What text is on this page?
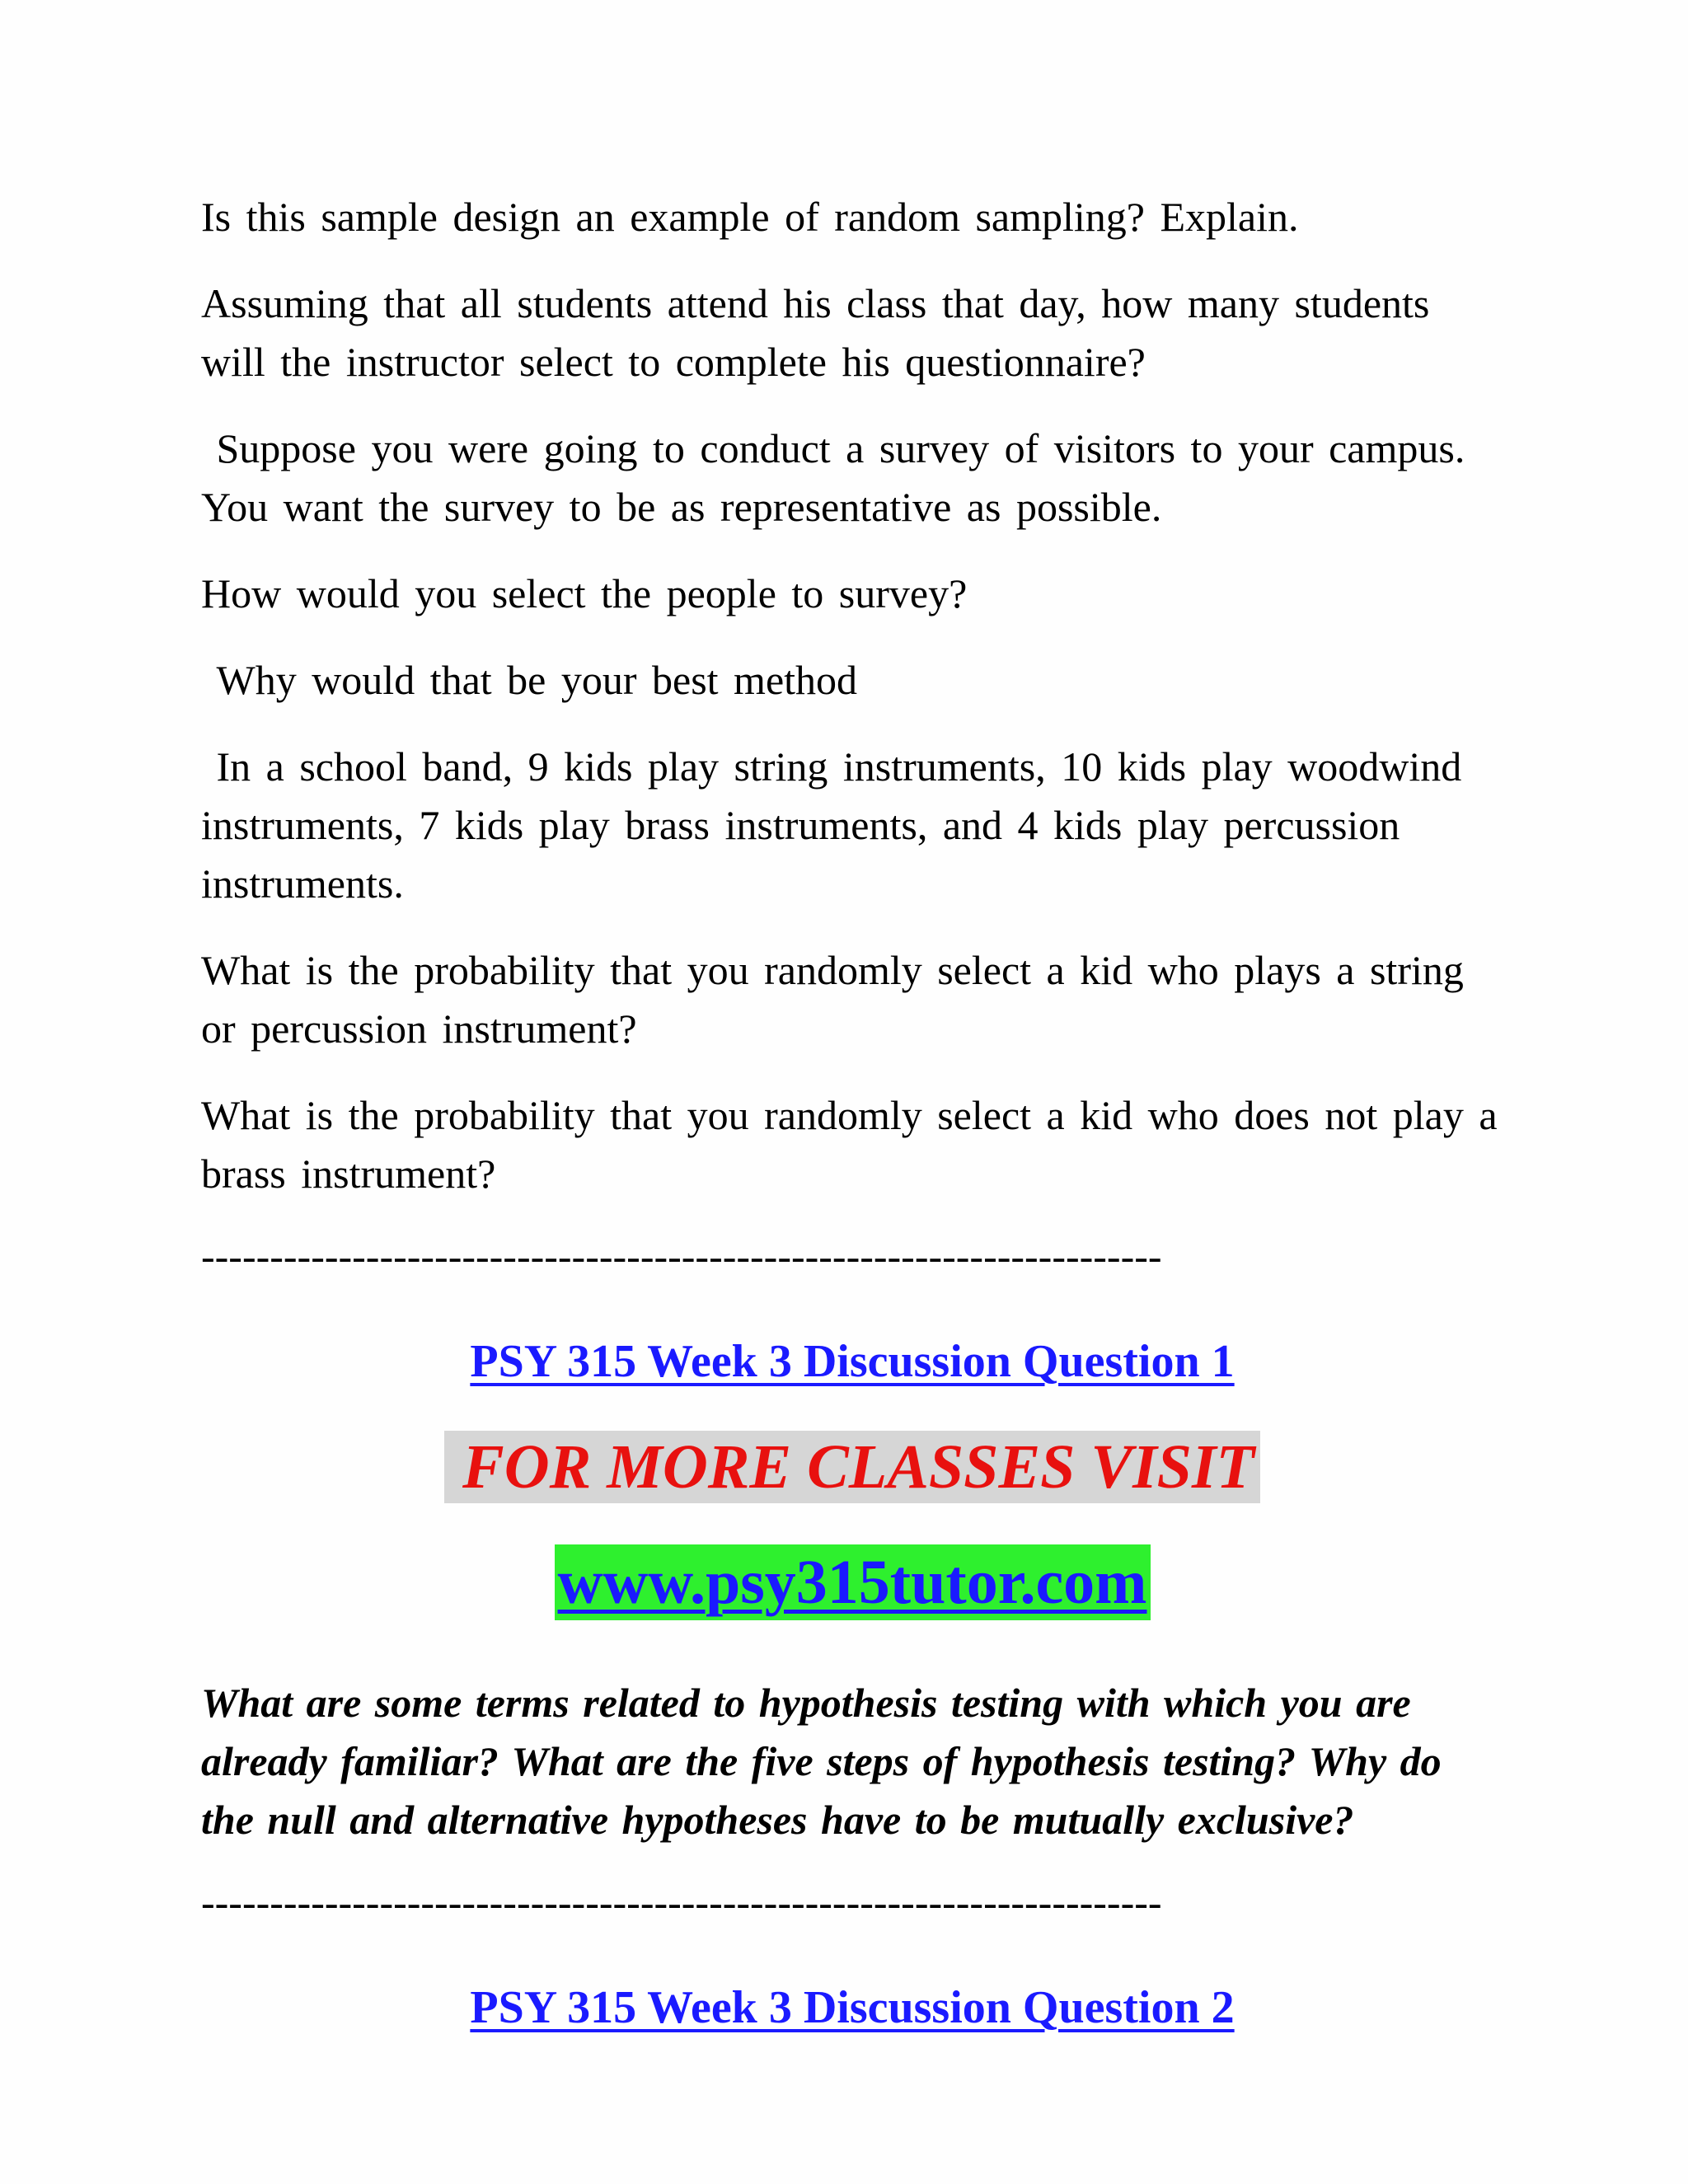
Is this sample design an example of random sampling? Explain.

Assuming that all students attend his class that day, how many students will the instructor select to complete his questionnaire?

Suppose you were going to conduct a survey of visitors to your campus. You want the survey to be as representative as possible.

How would you select the people to survey?

Why would that be your best method

In a school band, 9 kids play string instruments, 10 kids play woodwind instruments, 7 kids play brass instruments, and 4 kids play percussion instruments.

What is the probability that you randomly select a kid who plays a string or percussion instrument?

What is the probability that you randomly select a kid who does not play a brass instrument?

----------------------------------------------------------------------
PSY 315 Week 3 Discussion Question 1
FOR MORE CLASSES VISIT
www.psy315tutor.com

What are some terms related to hypothesis testing with which you are already familiar? What are the five steps of hypothesis testing? Why do the null and alternative hypotheses have to be mutually exclusive?

----------------------------------------------------------------------
PSY 315 Week 3 Discussion Question 2
